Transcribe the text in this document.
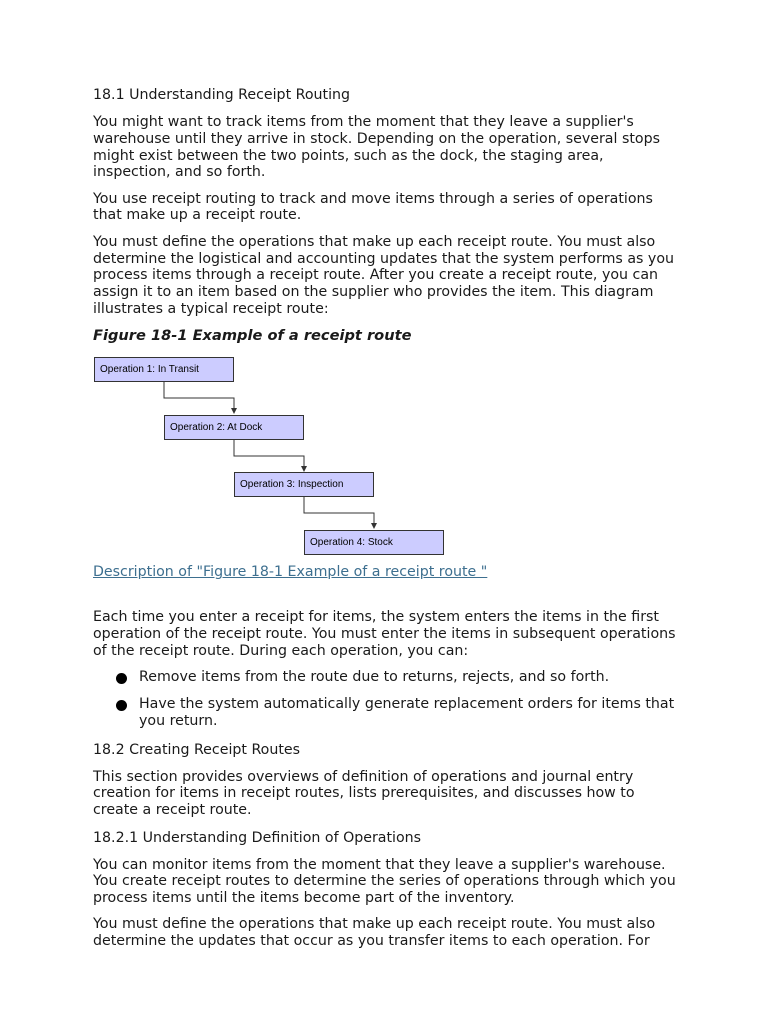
18.1 Understanding Receipt Routing

You might want to track items from the moment that they leave a supplier's warehouse until they arrive in stock. Depending on the operation, several stops might exist between the two points, such as the dock, the staging area, inspection, and so forth.

You use receipt routing to track and move items through a series of operations that make up a receipt route.

You must define the operations that make up each receipt route. You must also determine the logistical and accounting updates that the system performs as you process items through a receipt route. After you create a receipt route, you can assign it to an item based on the supplier who provides the item. This diagram illustrates a typical receipt route:

Figure 18-1 Example of a receipt route
Operation 1: In Transit
Operation 2: At Dock
Operation 3: Inspection
Operation 4: Stock
Description of "Figure 18-1 Example of a receipt route "

Each time you enter a receipt for items, the system enters the items in the first operation of the receipt route. You must enter the items in subsequent operations of the receipt route. During each operation, you can:

Remove items from the route due to returns, rejects, and so forth.
Have the system automatically generate replacement orders for items that you return.
18.2 Creating Receipt Routes

This section provides overviews of definition of operations and journal entry creation for items in receipt routes, lists prerequisites, and discusses how to create a receipt route.

18.2.1 Understanding Definition of Operations

You can monitor items from the moment that they leave a supplier's warehouse. You create receipt routes to determine the series of operations through which you process items until the items become part of the inventory.

You must define the operations that make up each receipt route. You must also determine the updates that occur as you transfer items to each operation. For
